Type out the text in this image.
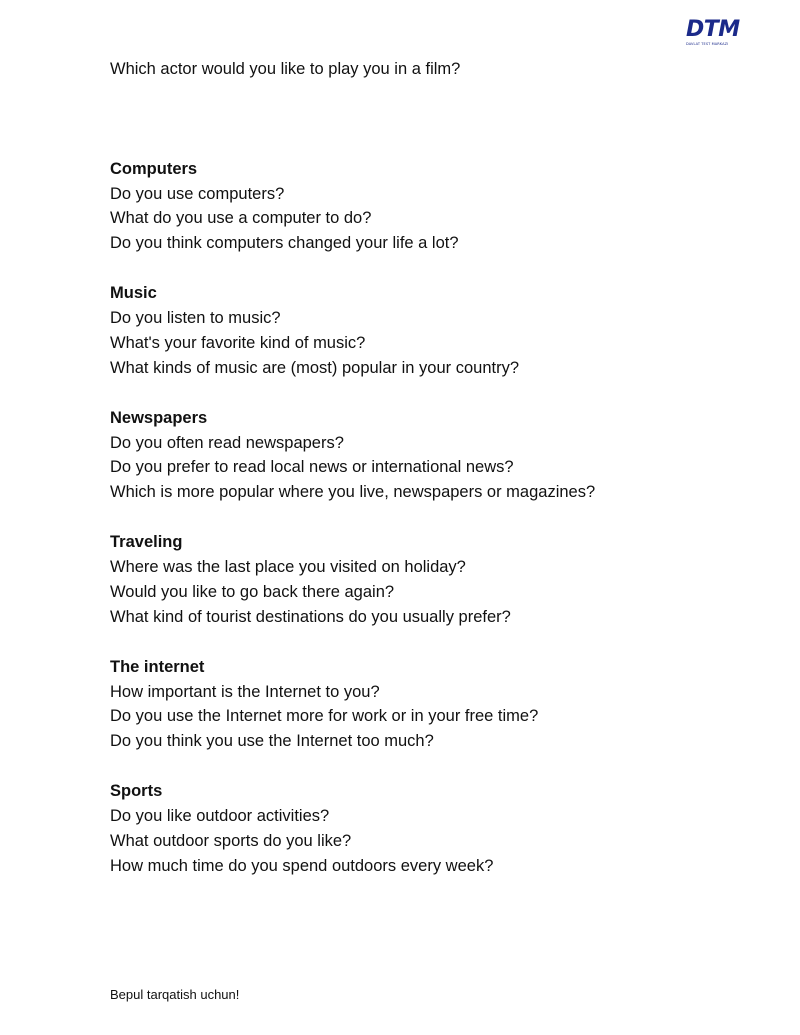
DTM
DAVLAT TEST MARKAZI
Which actor would you like to play you in a film?
Computers
Do you use computers?
What do you use a computer to do?
Do you think computers changed your life a lot?
Music
Do you listen to music?
What's your favorite kind of music?
What kinds of music are (most) popular in your country?
Newspapers
Do you often read newspapers?
Do you prefer to read local news or international news?
Which is more popular where you live, newspapers or magazines?
Traveling
Where was the last place you visited on holiday?
Would you like to go back there again?
What kind of tourist destinations do you usually prefer?
The internet
How important is the Internet to you?
Do you use the Internet more for work or in your free time?
Do you think you use the Internet too much?
Sports
Do you like outdoor activities?
What outdoor sports do you like?
How much time do you spend outdoors every week?
Bepul tarqatish uchun!
